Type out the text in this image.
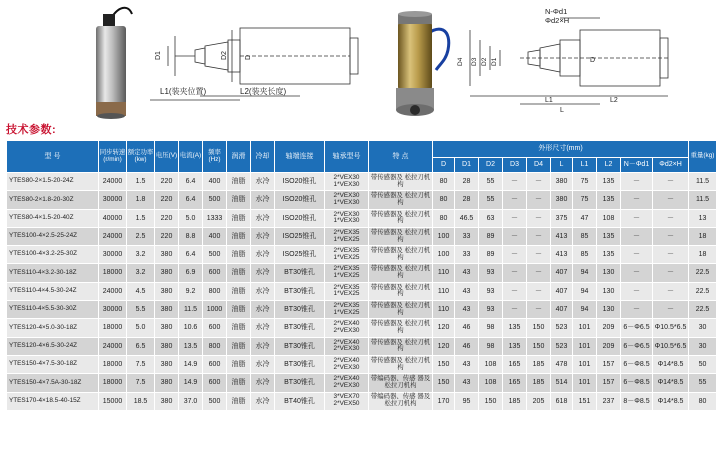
L1(装夹位置)	L2(装夹长度)
D1	D2 D
N-Φd1
Φd2×H
D4 D3 D2 D1	D
L
L1	L2
技术参数:
型 号	同步转速(r/min)	额定功率(kw)	电压(V)	电流(A)	频率(Hz)	润滑	冷却	轴端连接	轴承型号	特 点	外形尺寸(mm)										重量(kg)
											D	D1	D2	D3	D4	L	L1	L2	N－Φd1	Φd2×H	
YTES80-2×1.5-20-24Z	24000	1.5	220	6.4	400	油脂	水冷	ISO20锥孔	2*VEX30 1*VEX30	带传感器及 松拉刀机构	80	28	55	－	－	380	75	135	－	－	11.5
YTES80-2×1.8-20-30Z	30000	1.8	220	6.4	500	油脂	水冷	ISO20锥孔	2*VEX30 1*VEX30	带传感器及 松拉刀机构	80	28	55	－	－	380	75	135	－	－	11.5
YTES80-4×1.5-20-40Z	40000	1.5	220	5.0	1333	油脂	水冷	ISO20锥孔	2*VEX30 1*VEX30	带传感器及 松拉刀机构	80	46.5	63	－	－	375	47	108	－	－	13
YTES100-4×2.5-25-24Z	24000	2.5	220	8.8	400	油脂	水冷	ISO25锥孔	2*VEX35 1*VEX25	带传感器及 松拉刀机构	100	33	89	－	－	413	85	135	－	－	18
YTES100-4×3.2-25-30Z	30000	3.2	380	6.4	500	油脂	水冷	ISO25锥孔	2*VEX35 1*VEX25	带传感器及 松拉刀机构	100	33	89	－	－	413	85	135	－	－	18
YTES110-4×3.2-30-18Z	18000	3.2	380	6.9	600	油脂	水冷	BT30锥孔	2*VEX35 1*VEX25	带传感器及 松拉刀机构	110	43	93	－	－	407	94	130	－	－	22.5
YTES110-4×4.5-30-24Z	24000	4.5	380	9.2	800	油脂	水冷	BT30锥孔	2*VEX35 1*VEX25	带传感器及 松拉刀机构	110	43	93	－	－	407	94	130	－	－	22.5
YTES110-4×5.5-30-30Z	30000	5.5	380	11.5	1000	油脂	水冷	BT30锥孔	2*VEX35 1*VEX25	带传感器及 松拉刀机构	110	43	93	－	－	407	94	130	－	－	22.5
YTES120-4×5.0-30-18Z	18000	5.0	380	10.6	600	油脂	水冷	BT30锥孔	2*VEX40 2*VEX30	带传感器及 松拉刀机构	120	46	98	135	150	523	101	209	6－Φ6.5	Φ10.5*6.5	30
YTES120-4×6.5-30-24Z	24000	6.5	380	13.5	800	油脂	水冷	BT30锥孔	2*VEX40 2*VEX30	带传感器及 松拉刀机构	120	46	98	135	150	523	101	209	6－Φ6.5	Φ10.5*6.5	30
YTES150-4×7.5-30-18Z	18000	7.5	380	14.9	600	油脂	水冷	BT30锥孔	2*VEX40 2*VEX30	带传感器及 松拉刀机构	150	43	108	165	185	478	101	157	6－Φ8.5	Φ14*8.5	50
YTES150-4×7.5A-30-18Z	18000	7.5	380	14.9	600	油脂	水冷	BT30锥孔	2*VEX40 2*VEX30	带编码器、传感 器及松拉刀机构	150	43	108	165	185	514	101	157	6－Φ8.5	Φ14*8.5	55
YTES170-4×18.5-40-15Z	15000	18.5	380	37.0	500	油脂	水冷	BT40锥孔	3*VEX70 2*VEX50	带编码器、传感 器及松拉刀机构	170	95	150	185	205	618	151	237	8－Φ8.5	Φ14*8.5	80
